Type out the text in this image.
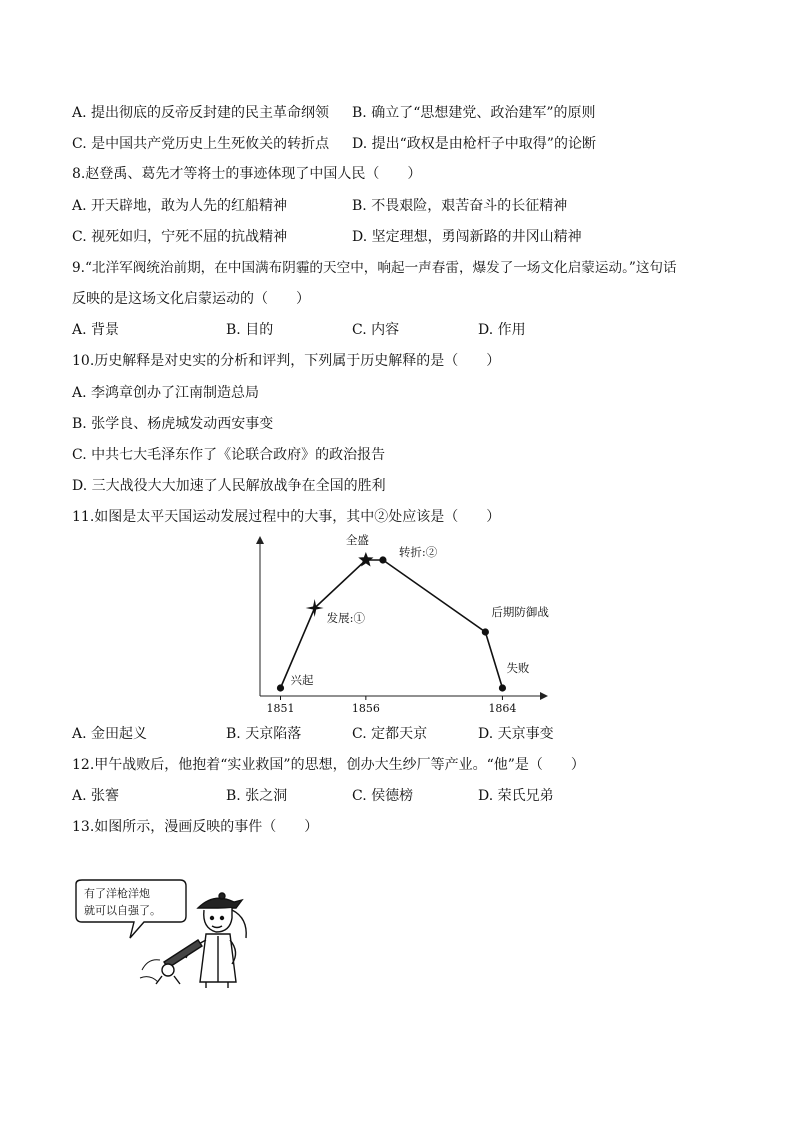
A. 提出彻底的反帝反封建的民主革命纲领 B. 确立了“思想建党、政治建军”的原则
C. 是中国共产党历史上生死攸关的转折点 D. 提出“政权是由枪杆子中取得”的论断
8.赵登禹、葛先才等将士的事迹体现了中国人民（　　）
A. 开天辟地，敢为人先的红船精神	B. 不畏艰险，艰苦奋斗的长征精神
C. 视死如归，宁死不屈的抗战精神	D. 坚定理想，勇闯新路的井冈山精神
9.“北洋军阀统治前期，在中国满布阴霾的天空中，响起一声春雷，爆发了一场文化启蒙运动。”这句话
反映的是这场文化启蒙运动的（　　）
A. 背景	B. 目的	C. 内容	D. 作用
10.历史解释是对史实的分析和评判，下列属于历史解释的是（　　）
A. 李鸿章创办了江南制造总局
B. 张学良、杨虎城发动西安事变
C. 中共七大毛泽东作了《论联合政府》的政治报告
D. 三大战役大大加速了人民解放战争在全国的胜利
11.如图是太平天国运动发展过程中的大事，其中②处应该是（　　）
兴起
发展:①
全盛
转折:②
后期防御战
失败
1851	1856	1864
A. 金田起义	B. 天京陷落	C. 定都天京	D. 天京事变
12.甲午战败后，他抱着“实业救国”的思想，创办大生纱厂等产业。“他”是（　　）
A. 张謇	B. 张之洞	C. 侯德榜	D. 荣氏兄弟
13.如图所示，漫画反映的事件（　　）
有了洋枪洋炮
就可以自强了。
